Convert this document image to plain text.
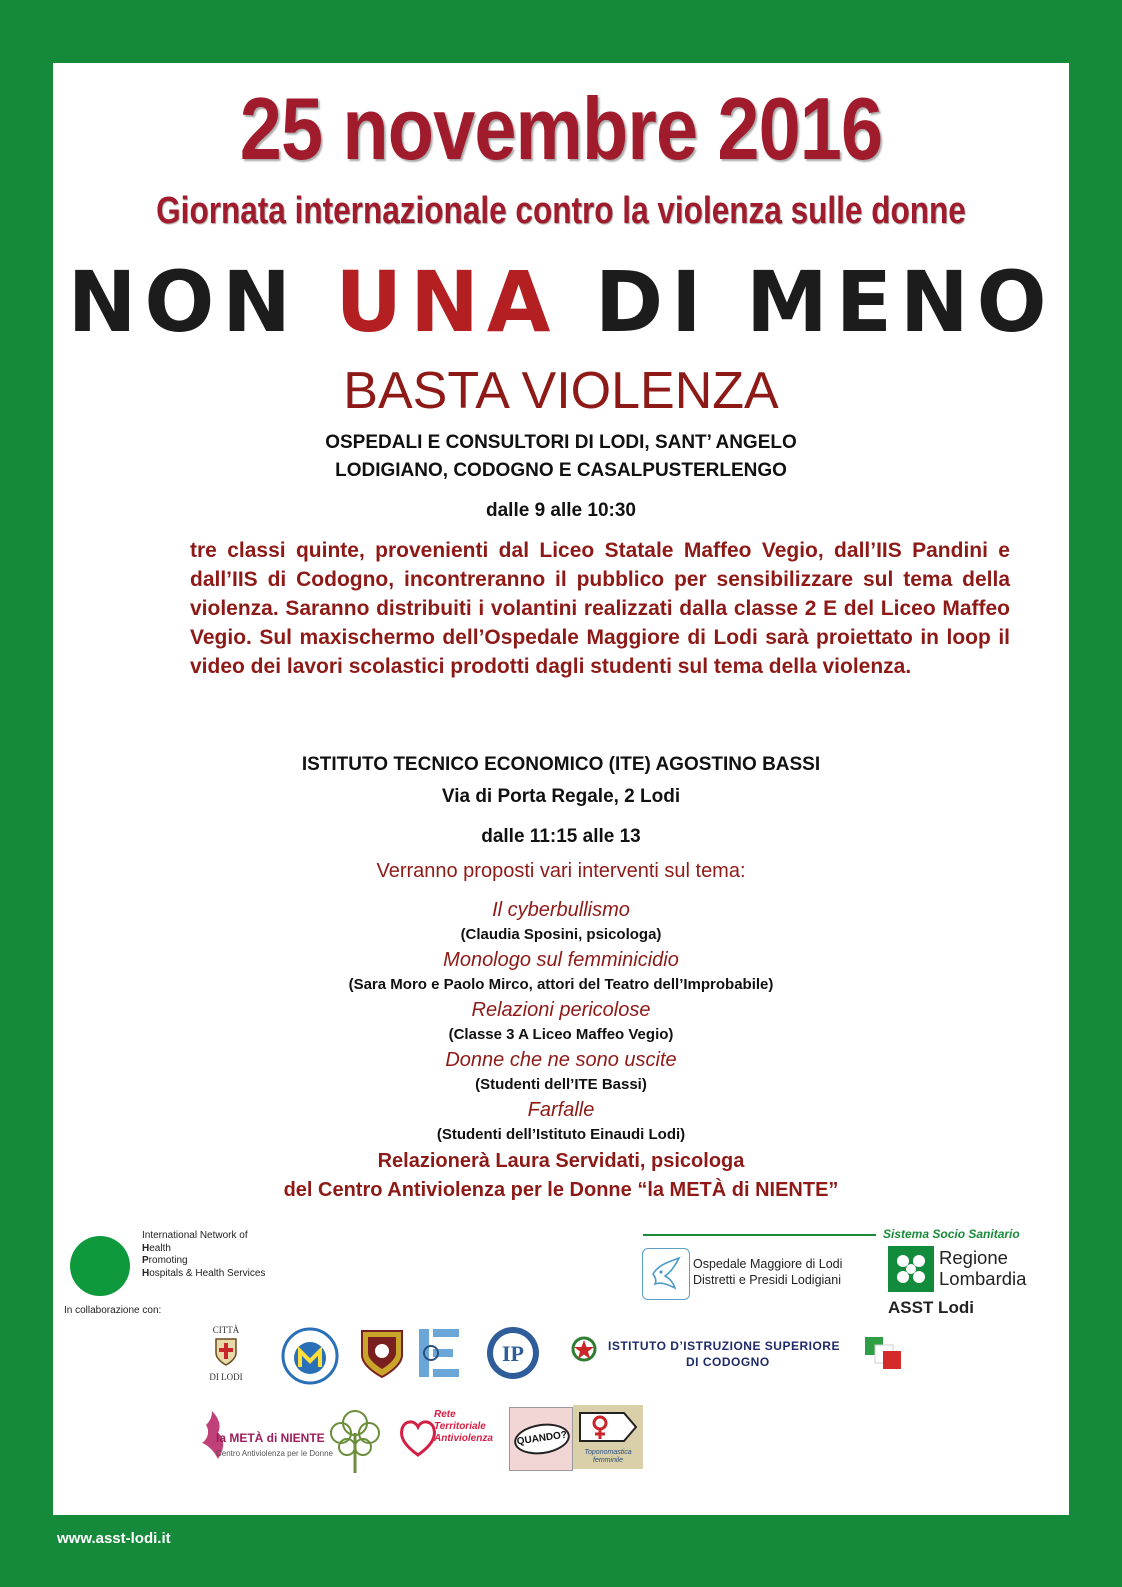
25 novembre 2016
Giornata internazionale contro la violenza sulle donne
NON UNA DI MENO
BASTA VIOLENZA
OSPEDALI E CONSULTORI DI LODI, SANT’ ANGELO
LODIGIANO, CODOGNO E CASALPUSTERLENGO
dalle 9 alle 10:30
tre classi quinte, provenienti dal Liceo Statale Maffeo Vegio, dall’IIS Pandini e dall’IIS di Codogno, incontreranno il pubblico per sensibilizzare sul tema della violenza. Saranno distribuiti i volantini realizzati dalla classe 2 E del Liceo Maffeo Vegio. Sul maxischermo dell’Ospedale Maggiore di Lodi sarà proiettato in loop il video dei lavori scolastici prodotti dagli studenti sul tema della violenza.
ISTITUTO TECNICO ECONOMICO (ITE) AGOSTINO BASSI
Via di Porta Regale, 2 Lodi
dalle 11:15 alle 13
Verranno proposti vari interventi sul tema:
Il cyberbullismo
(Claudia Sposini, psicologa)
Monologo sul femminicidio
(Sara Moro e Paolo Mirco, attori del Teatro dell’Improbabile)
Relazioni pericolose
(Classe 3 A Liceo Maffeo Vegio)
Donne che ne sono uscite
(Studenti dell’ITE Bassi)
Farfalle
(Studenti dell’Istituto Einaudi Lodi)
Relazionerà Laura Servidati, psicologa
del Centro Antiviolenza per le Donne “la METÀ di NIENTE”
International Network of
Health
Promoting
Hospitals & Health Services
In collaborazione con:
Sistema Socio Sanitario
Ospedale Maggiore di Lodi
Distretti e Presidi Lodigiani
Regione
Lombardia
ASST Lodi
CITTÀ
DI LODI
IP	ISTITUTO D’ISTRUZIONE SUPERIORE
DI CODOGNO
la METÀ di NIENTE
Centro Antiviolenza per le Donne
Rete
Territoriale
Antiviolenza	QUANDO?
Toponomastica femminile
www.asst-lodi.it
